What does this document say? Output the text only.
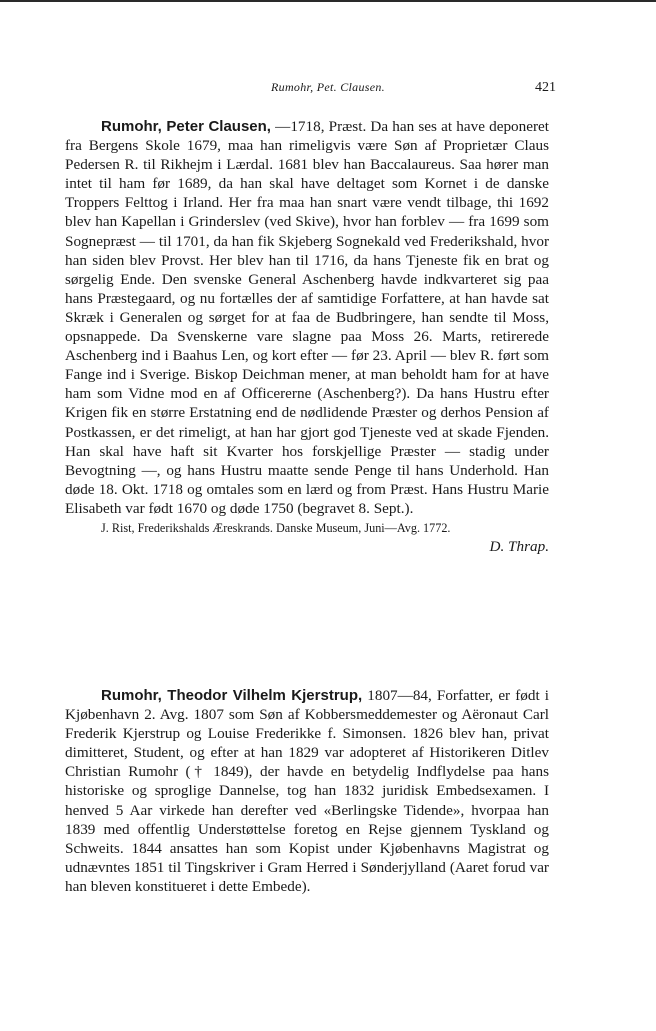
Rumohr, Pet. Clausen.	421

Rumohr, Peter Clausen, —1718, Præst. Da han ses at have deponeret fra Bergens Skole 1679, maa han rimeligvis være Søn af Proprietær Claus Pedersen R. til Rikhejm i Lærdal. 1681 blev han Baccalaureus. Saa hører man intet til ham før 1689, da han skal have deltaget som Kornet i de danske Troppers Felttog i Irland. Her fra maa han snart være vendt tilbage, thi 1692 blev han Kapellan i Grinderslev (ved Skive), hvor han forblev — fra 1699 som Sognepræst — til 1701, da han fik Skjeberg Sognekald ved Frederikshald, hvor han siden blev Provst. Her blev han til 1716, da hans Tjeneste fik en brat og sørgelig Ende. Den svenske General Aschenberg havde indkvarteret sig paa hans Præstegaard, og nu fortælles der af samtidige Forfattere, at han havde sat Skræk i Generalen og sørget for at faa de Budbringere, han sendte til Moss, opsnappede. Da Svenskerne vare slagne paa Moss 26. Marts, retirerede Aschenberg ind i Baahus Len, og kort efter — før 23. April — blev R. ført som Fange ind i Sverige. Biskop Deichman mener, at man beholdt ham for at have ham som Vidne mod en af Officererne (Aschenberg?). Da hans Hustru efter Krigen fik en større Erstatning end de nødlidende Præster og derhos Pension af Postkassen, er det rimeligt, at han har gjort god Tjeneste ved at skade Fjenden. Han skal have haft sit Kvarter hos forskjellige Præster — stadig under Bevogtning —, og hans Hustru maatte sende Penge til hans Underhold. Han døde 18. Okt. 1718 og omtales som en lærd og from Præst. Hans Hustru Marie Elisabeth var født 1670 og døde 1750 (begravet 8. Sept.).

J. Rist, Frederikshalds Æreskrands. Danske Museum, Juni—Avg. 1772.
D. Thrap.

Rumohr, Theodor Vilhelm Kjerstrup, 1807—84, Forfatter, er født i Kjøbenhavn 2. Avg. 1807 som Søn af Kobbersmeddemester og Aëronaut Carl Frederik Kjerstrup og Louise Frederikke f. Simonsen. 1826 blev han, privat dimitteret, Student, og efter at han 1829 var adopteret af Historikeren Ditlev Christian Rumohr († 1849), der havde en betydelig Indflydelse paa hans historiske og sproglige Dannelse, tog han 1832 juridisk Embedsexamen. I henved 5 Aar virkede han derefter ved «Berlingske Tidende», hvorpaa han 1839 med offentlig Understøttelse foretog en Rejse gjennem Tyskland og Schweits. 1844 ansattes han som Kopist under Kjøbenhavns Magistrat og udnævntes 1851 til Tingskriver i Gram Herred i Sønderjylland (Aaret forud var han bleven konstitueret i dette Embede).
